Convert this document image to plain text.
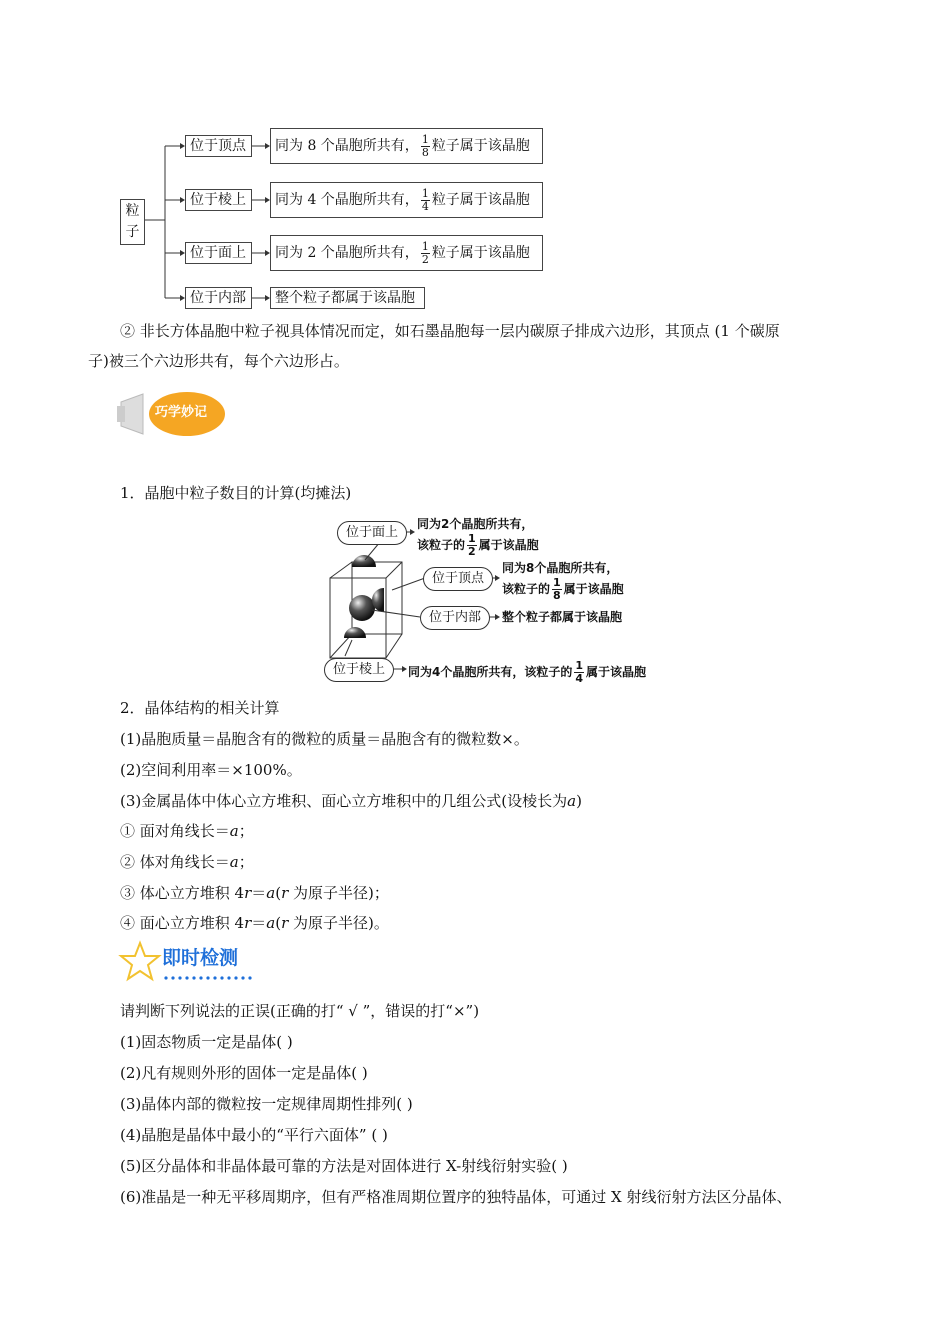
粒
子
位于顶点	同为 8 个晶胞所共有， $\frac{1}{8}$ 粒子属于该晶胞
位于棱上	同为 4 个晶胞所共有， $\frac{1}{4}$ 粒子属于该晶胞
位于面上	同为 2 个晶胞所共有， $\frac{1}{2}$ 粒子属于该晶胞
位于内部	整个粒子都属于该晶胞
② 非长方体晶胞中粒子视具体情况而定，如石墨晶胞每一层内碳原子排成六边形，其顶点 (1 个碳原
子)被三个六边形共有，每个六边形占。
巧学妙记
1．晶胞中粒子数目的计算(均摊法)
位于面上
同为2个晶胞所共有，
该粒子的 $\frac{1}{2}$ 属于该晶胞
位于顶点
同为8个晶胞所共有，
该粒子的 $\frac{1}{8}$ 属于该晶胞
位于内部	整个粒子都属于该晶胞
位于棱上	同为4个晶胞所共有，该粒子的 $\frac{1}{4}$ 属于该晶胞
2．晶体结构的相关计算
(1)晶胞质量＝晶胞含有的微粒的质量＝晶胞含有的微粒数×。
(2)空间利用率＝×100%。
(3)金属晶体中体心立方堆积、面心立方堆积中的几组公式(设棱长为a)
① 面对角线长＝a；
② 体对角线长＝a；
③ 体心立方堆积 4r＝a(r 为原子半径)；
④ 面心立方堆积 4r＝a(r 为原子半径)。
即时检测
请判断下列说法的正误(正确的打“ √ ”，错误的打“×”)
(1)固态物质一定是晶体( )
(2)凡有规则外形的固体一定是晶体( )
(3)晶体内部的微粒按一定规律周期性排列( )
(4)晶胞是晶体中最小的“平行六面体” ( )
(5)区分晶体和非晶体最可靠的方法是对固体进行 X-射线衍射实验( )
(6)准晶是一种无平移周期序，但有严格准周期位置序的独特晶体，可通过 X 射线衍射方法区分晶体、
